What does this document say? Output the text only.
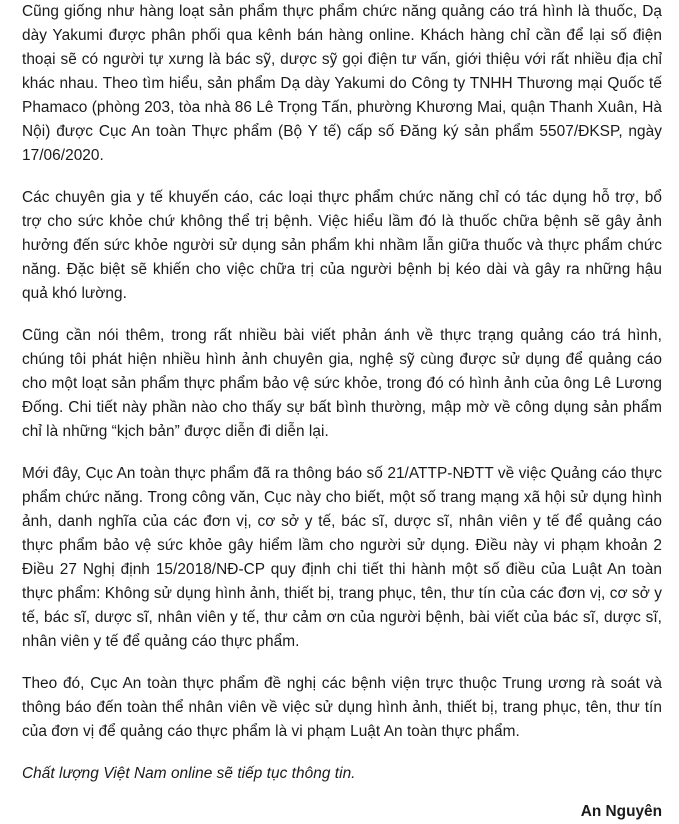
Cũng giống như hàng loạt sản phẩm thực phẩm chức năng quảng cáo trá hình là thuốc, Dạ dày Yakumi được phân phối qua kênh bán hàng online. Khách hàng chỉ cần để lại số điện thoại sẽ có người tự xưng là bác sỹ, dược sỹ gọi điện tư vấn, giới thiệu với rất nhiều địa chỉ khác nhau. Theo tìm hiểu, sản phẩm Dạ dày Yakumi do Công ty TNHH Thương mại Quốc tế Phamaco (phòng 203, tòa nhà 86 Lê Trọng Tấn, phường Khương Mai, quận Thanh Xuân, Hà Nội) được Cục An toàn Thực phẩm (Bộ Y tế) cấp số Đăng ký sản phẩm 5507/ĐKSP, ngày 17/06/2020.

Các chuyên gia y tế khuyến cáo, các loại thực phẩm chức năng chỉ có tác dụng hỗ trợ, bổ trợ cho sức khỏe chứ không thể trị bệnh. Việc hiểu lầm đó là thuốc chữa bệnh sẽ gây ảnh hưởng đến sức khỏe người sử dụng sản phẩm khi nhầm lẫn giữa thuốc và thực phẩm chức năng. Đặc biệt sẽ khiến cho việc chữa trị của người bệnh bị kéo dài và gây ra những hậu quả khó lường.

Cũng cần nói thêm, trong rất nhiều bài viết phản ánh về thực trạng quảng cáo trá hình, chúng tôi phát hiện nhiều hình ảnh chuyên gia, nghệ sỹ cùng được sử dụng để quảng cáo cho một loạt sản phẩm thực phẩm bảo vệ sức khỏe, trong đó có hình ảnh của ông Lê Lương Đống. Chi tiết này phần nào cho thấy sự bất bình thường, mập mờ về công dụng sản phẩm chỉ là những “kịch bản” được diễn đi diễn lại.

Mới đây, Cục An toàn thực phẩm đã ra thông báo số 21/ATTP-NĐTT về việc Quảng cáo thực phẩm chức năng. Trong công văn, Cục này cho biết, một số trang mạng xã hội sử dụng hình ảnh, danh nghĩa của các đơn vị, cơ sở y tế, bác sĩ, dược sĩ, nhân viên y tế để quảng cáo thực phẩm bảo vệ sức khỏe gây hiểm lầm cho người sử dụng. Điều này vi phạm khoản 2 Điều 27 Nghị định 15/2018/NĐ-CP quy định chi tiết thi hành một số điều của Luật An toàn thực phẩm: Không sử dụng hình ảnh, thiết bị, trang phục, tên, thư tín của các đơn vị, cơ sở y tế, bác sĩ, dược sĩ, nhân viên y tế, thư cảm ơn của người bệnh, bài viết của bác sĩ, dược sĩ, nhân viên y tế để quảng cáo thực phẩm.

Theo đó, Cục An toàn thực phẩm đề nghị các bệnh viện trực thuộc Trung ương rà soát và thông báo đến toàn thể nhân viên về việc sử dụng hình ảnh, thiết bị, trang phục, tên, thư tín của đơn vị để quảng cáo thực phẩm là vi phạm Luật An toàn thực phẩm.

Chất lượng Việt Nam online sẽ tiếp tục thông tin.

An Nguyên
